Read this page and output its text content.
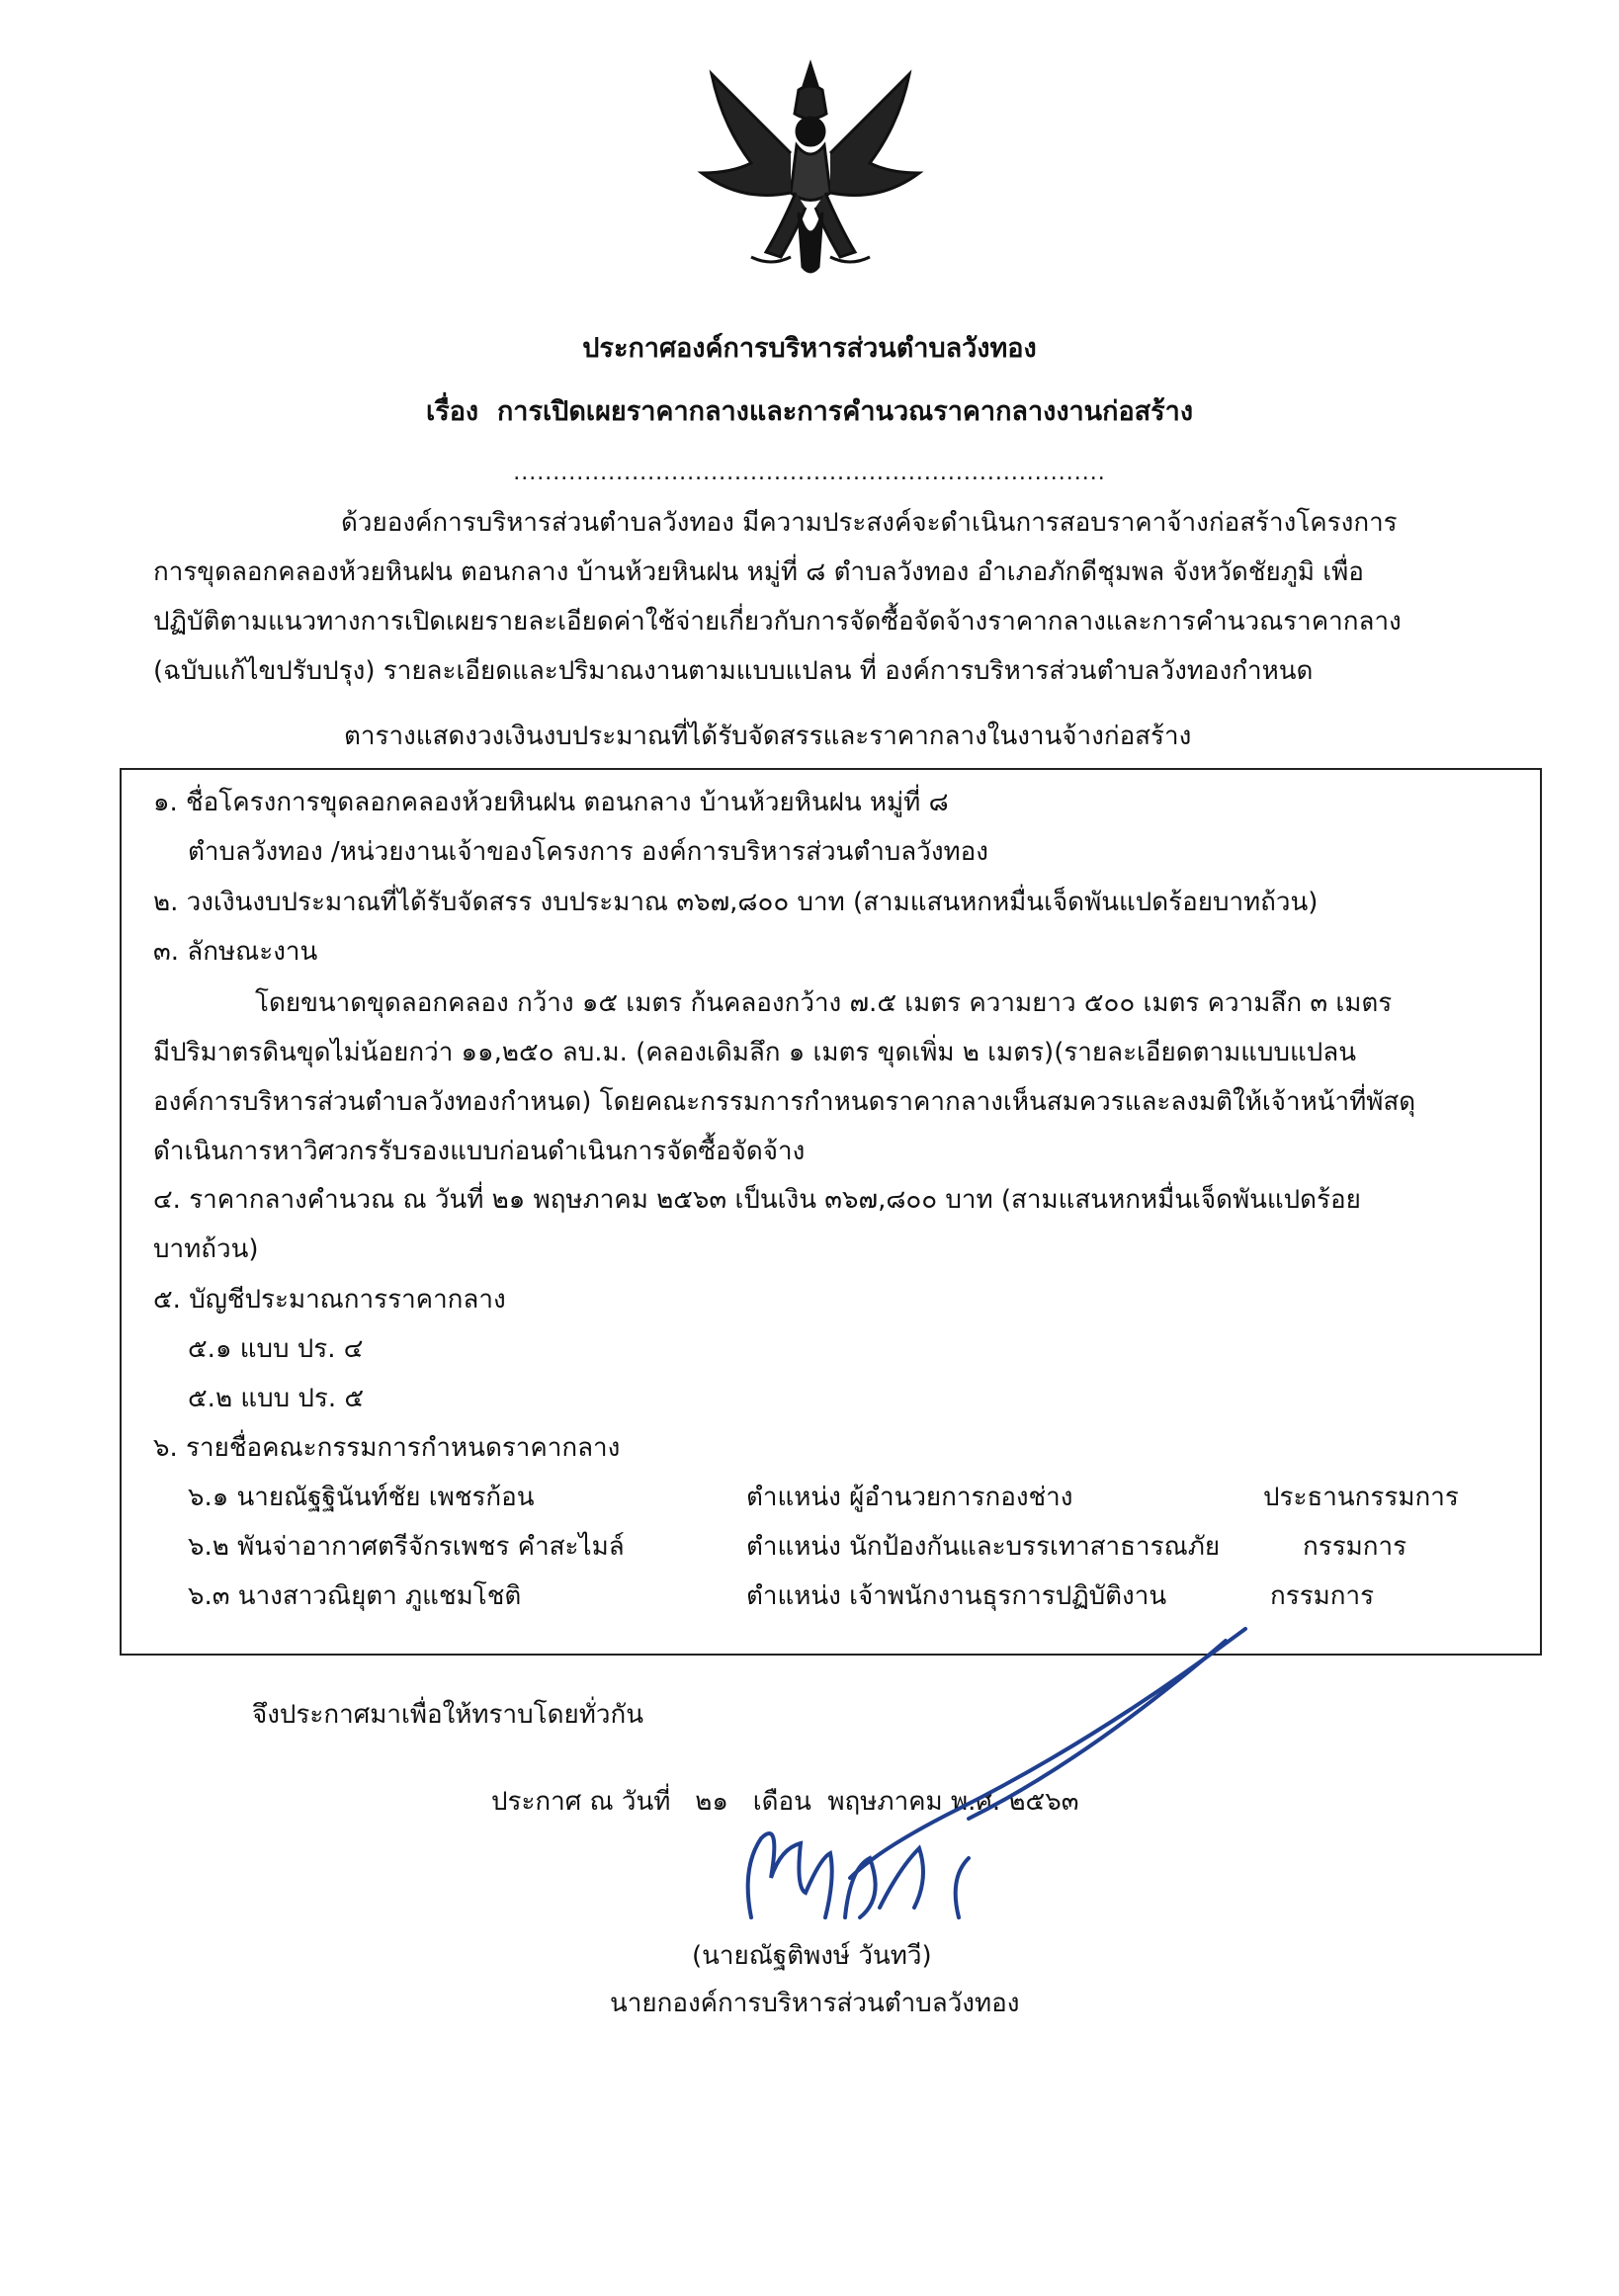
ประกาศองค์การบริหารส่วนตำบลวังทอง
เรื่อง การเปิดเผยราคากลางและการคำนวณราคากลางงานก่อสร้าง
...........................................................................
ด้วยองค์การบริหารส่วนตำบลวังทอง มีความประสงค์จะดำเนินการสอบราคาจ้างก่อสร้างโครงการ
การขุดลอกคลองห้วยหินฝน ตอนกลาง บ้านห้วยหินฝน หมู่ที่ ๘ ตำบลวังทอง อำเภอภักดีชุมพล จังหวัดชัยภูมิ เพื่อ
ปฏิบัติตามแนวทางการเปิดเผยรายละเอียดค่าใช้จ่ายเกี่ยวกับการจัดซื้อจัดจ้างราคากลางและการคำนวณราคากลาง
(ฉบับแก้ไขปรับปรุง) รายละเอียดและปริมาณงานตามแบบแปลน ที่ องค์การบริหารส่วนตำบลวังทองกำหนด
ตารางแสดงวงเงินงบประมาณที่ได้รับจัดสรรและราคากลางในงานจ้างก่อสร้าง
๑. ชื่อโครงการขุดลอกคลองห้วยหินฝน ตอนกลาง บ้านห้วยหินฝน หมู่ที่ ๘
ตำบลวังทอง /หน่วยงานเจ้าของโครงการ องค์การบริหารส่วนตำบลวังทอง
๒. วงเงินงบประมาณที่ได้รับจัดสรร งบประมาณ ๓๖๗,๘๐๐ บาท (สามแสนหกหมื่นเจ็ดพันแปดร้อยบาทถ้วน)
๓. ลักษณะงาน
โดยขนาดขุดลอกคลอง กว้าง ๑๕ เมตร ก้นคลองกว้าง ๗.๕ เมตร ความยาว ๕๐๐ เมตร ความลึก ๓ เมตร
มีปริมาตรดินขุดไม่น้อยกว่า ๑๑,๒๕๐ ลบ.ม. (คลองเดิมลึก ๑ เมตร ขุดเพิ่ม ๒ เมตร)(รายละเอียดตามแบบแปลน
องค์การบริหารส่วนตำบลวังทองกำหนด) โดยคณะกรรมการกำหนดราคากลางเห็นสมควรและลงมติให้เจ้าหน้าที่พัสดุ
ดำเนินการหาวิศวกรรับรองแบบก่อนดำเนินการจัดซื้อจัดจ้าง
๔. ราคากลางคำนวณ ณ วันที่ ๒๑ พฤษภาคม ๒๕๖๓ เป็นเงิน ๓๖๗,๘๐๐ บาท (สามแสนหกหมื่นเจ็ดพันแปดร้อย
บาทถ้วน)
๕. บัญชีประมาณการราคากลาง
๕.๑ แบบ ปร. ๔
๕.๒ แบบ ปร. ๕
๖. รายชื่อคณะกรรมการกำหนดราคากลาง
๖.๑ นายณัฐฐินันท์ชัย เพชรก้อน	ตำแหน่ง ผู้อำนวยการกองช่าง	ประธานกรรมการ
๖.๒ พันจ่าอากาศตรีจักรเพชร คำสะไมล์	ตำแหน่ง นักป้องกันและบรรเทาสาธารณภัย	กรรมการ
๖.๓ นางสาวณิยุตา ภูแชมโชติ	ตำแหน่ง เจ้าพนักงานธุรการปฏิบัติงาน	กรรมการ
จึงประกาศมาเพื่อให้ทราบโดยทั่วกัน
ประกาศ ณ วันที่ ๒๑ เดือน พฤษภาคม พ.ศ. ๒๕๖๓
(นายณัฐติพงษ์ วันทวี)
นายกองค์การบริหารส่วนตำบลวังทอง
